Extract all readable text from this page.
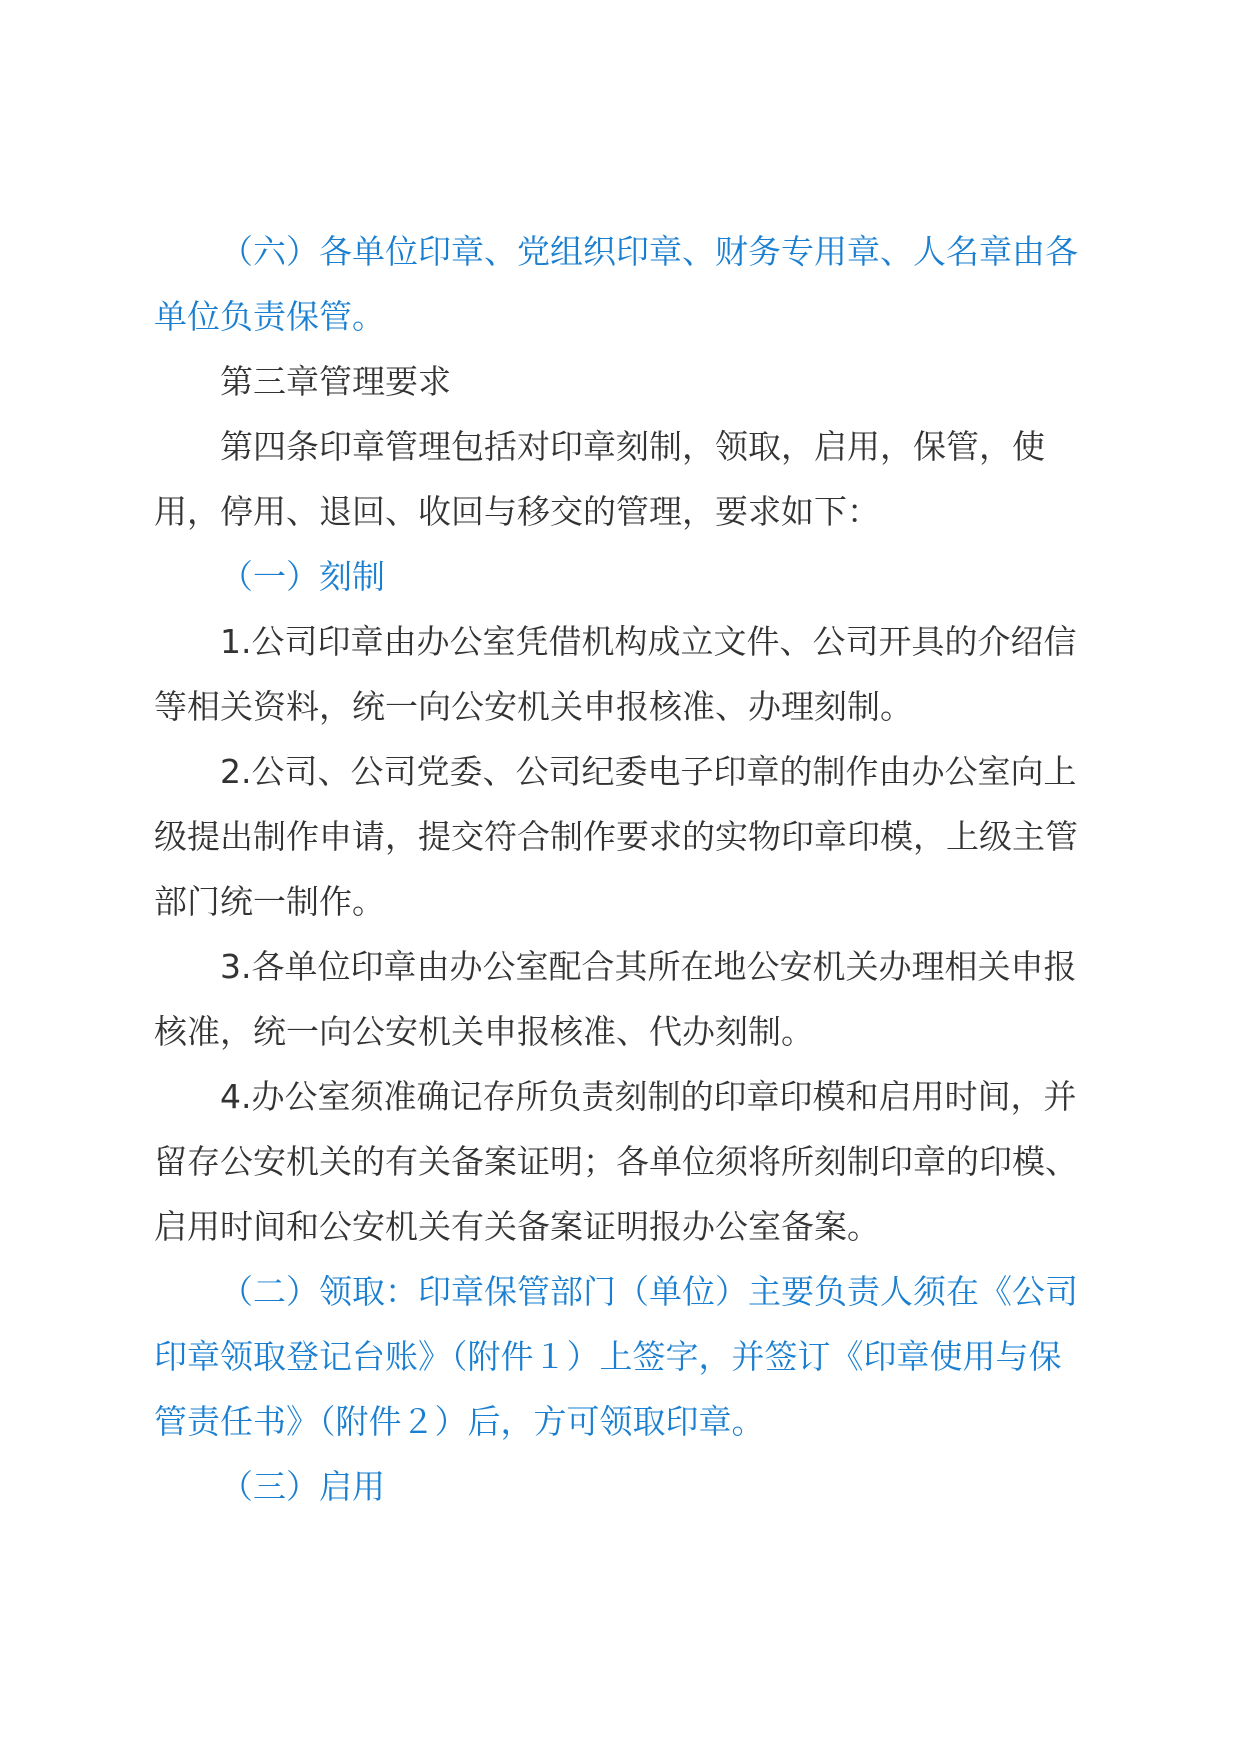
（六）各单位印章、党组织印章、财务专用章、人名章由各单位负责保管。

第三章管理要求

第四条印章管理包括对印章刻制，领取，启用，保管，使用，停用、退回、收回与移交的管理，要求如下：

（一）刻制

1.公司印章由办公室凭借机构成立文件、公司开具的介绍信等相关资料，统一向公安机关申报核准、办理刻制。

2.公司、公司党委、公司纪委电子印章的制作由办公室向上级提出制作申请，提交符合制作要求的实物印章印模，上级主管部门统一制作。

3.各单位印章由办公室配合其所在地公安机关办理相关申报核准，统一向公安机关申报核准、代办刻制。

4.办公室须准确记存所负责刻制的印章印模和启用时间，并留存公安机关的有关备案证明；各单位须将所刻制印章的印模、启用时间和公安机关有关备案证明报办公室备案。

（二）领取：印章保管部门（单位）主要负责人须在《公司印章领取登记台账》（附件１）上签字，并签订《印章使用与保管责任书》（附件２）后，方可领取印章。

（三）启用
